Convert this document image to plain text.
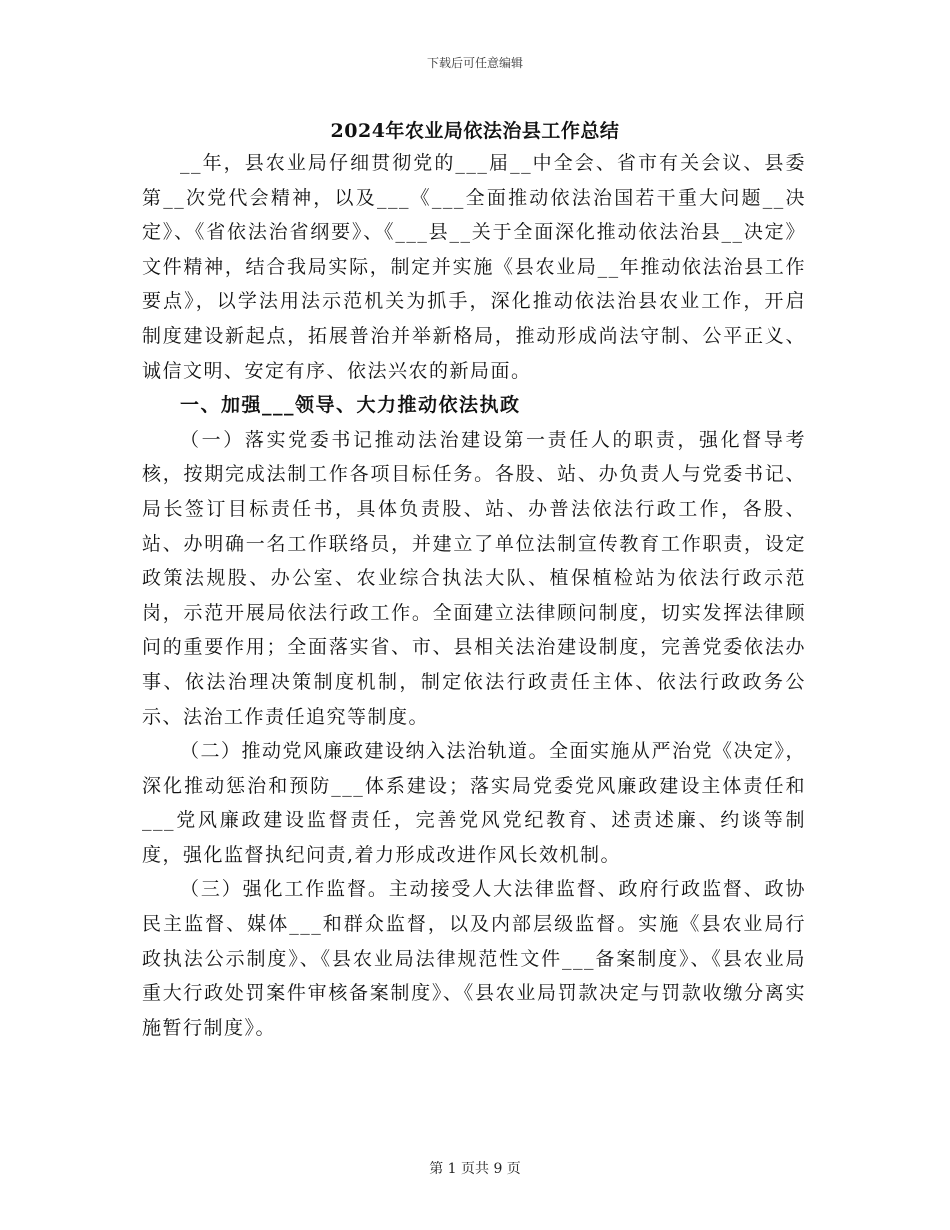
下载后可任意编辑
2024年农业局依法治县工作总结

__年，县农业局仔细贯彻党的___届__中全会、省市有关会议、县委第__次党代会精神，以及___《___全面推动依法治国若干重大问题__决定》、《省依法治省纲要》、《___县__关于全面深化推动依法治县__决定》文件精神，结合我局实际，制定并实施《县农业局__年推动依法治县工作要点》，以学法用法示范机关为抓手，深化推动依法治县农业工作，开启制度建设新起点，拓展普治并举新格局，推动形成尚法守制、公平正义、诚信文明、安定有序、依法兴农的新局面。

一、加强___领导、大力推动依法执政

（一）落实党委书记推动法治建设第一责任人的职责，强化督导考核，按期完成法制工作各项目标任务。各股、站、办负责人与党委书记、局长签订目标责任书，具体负责股、站、办普法依法行政工作，各股、站、办明确一名工作联络员，并建立了单位法制宣传教育工作职责，设定政策法规股、办公室、农业综合执法大队、植保植检站为依法行政示范岗，示范开展局依法行政工作。全面建立法律顾问制度，切实发挥法律顾问的重要作用；全面落实省、市、县相关法治建设制度，完善党委依法办事、依法治理决策制度机制，制定依法行政责任主体、依法行政政务公示、法治工作责任追究等制度。

（二）推动党风廉政建设纳入法治轨道。全面实施从严治党《决定》，深化推动惩治和预防___体系建设；落实局党委党风廉政建设主体责任和___党风廉政建设监督责任，完善党风党纪教育、述责述廉、约谈等制度，强化监督执纪问责,着力形成改进作风长效机制。

（三）强化工作监督。主动接受人大法律监督、政府行政监督、政协民主监督、媒体___和群众监督，以及内部层级监督。实施《县农业局行政执法公示制度》、《县农业局法律规范性文件___备案制度》、《县农业局重大行政处罚案件审核备案制度》、《县农业局罚款决定与罚款收缴分离实施暂行制度》。

第 1 页共 9 页
